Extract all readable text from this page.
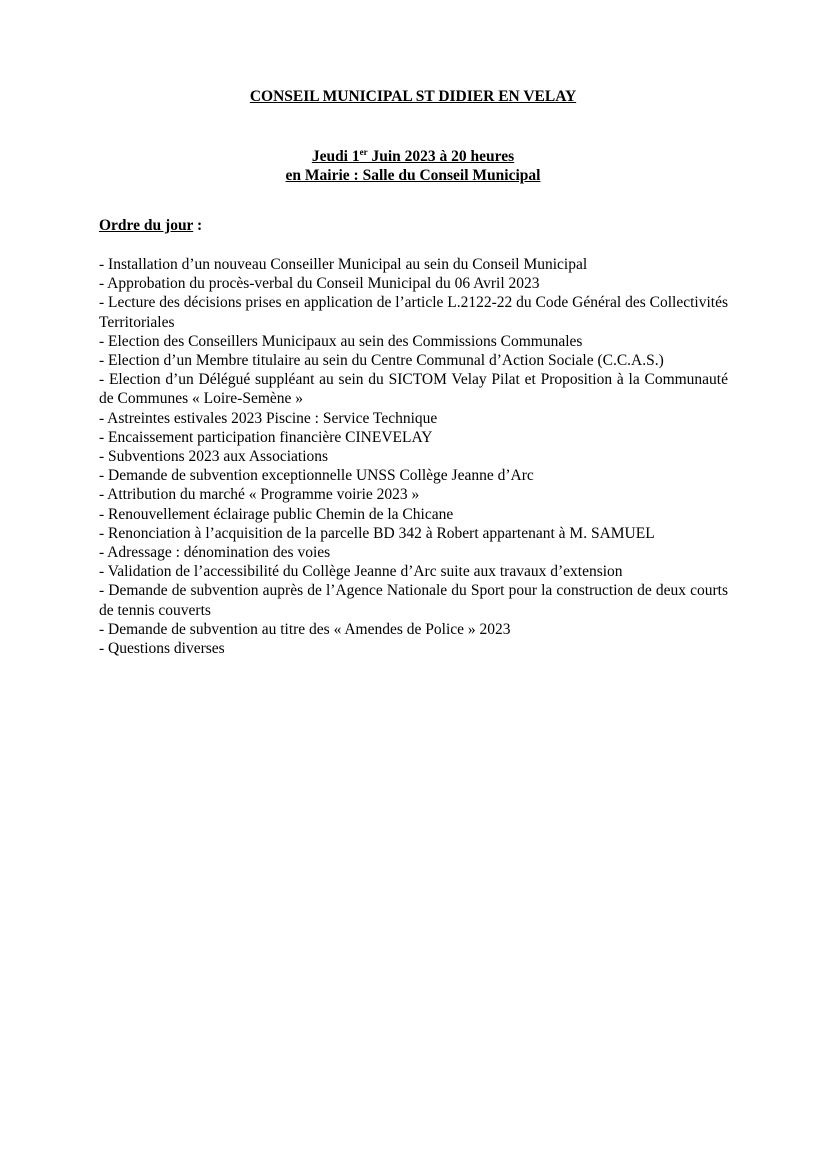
CONSEIL MUNICIPAL ST DIDIER EN VELAY
Jeudi 1er Juin 2023 à 20 heures
en Mairie : Salle du Conseil Municipal
Ordre du jour :
- Installation d’un nouveau Conseiller Municipal au sein du Conseil Municipal
- Approbation du procès-verbal du Conseil Municipal du 06 Avril 2023
- Lecture des décisions prises en application de l’article L.2122-22 du Code Général des Collectivités Territoriales
- Election des Conseillers Municipaux au sein des Commissions Communales
- Election d’un Membre titulaire au sein du Centre Communal d’Action Sociale (C.C.A.S.)
- Election d’un Délégué suppléant au sein du SICTOM Velay Pilat et Proposition à la Communauté de Communes « Loire-Semène »
- Astreintes estivales 2023 Piscine : Service Technique
- Encaissement participation financière CINEVELAY
- Subventions 2023 aux Associations
- Demande de subvention exceptionnelle UNSS Collège Jeanne d’Arc
- Attribution du marché « Programme voirie 2023 »
- Renouvellement éclairage public Chemin de la Chicane
- Renonciation à l’acquisition de la parcelle BD 342 à Robert appartenant à M. SAMUEL
- Adressage : dénomination des voies
- Validation de l’accessibilité du Collège Jeanne d’Arc suite aux travaux d’extension
- Demande de subvention auprès de l’Agence Nationale du Sport pour la construction de deux courts de tennis couverts
- Demande de subvention au titre des « Amendes de Police » 2023
- Questions diverses
